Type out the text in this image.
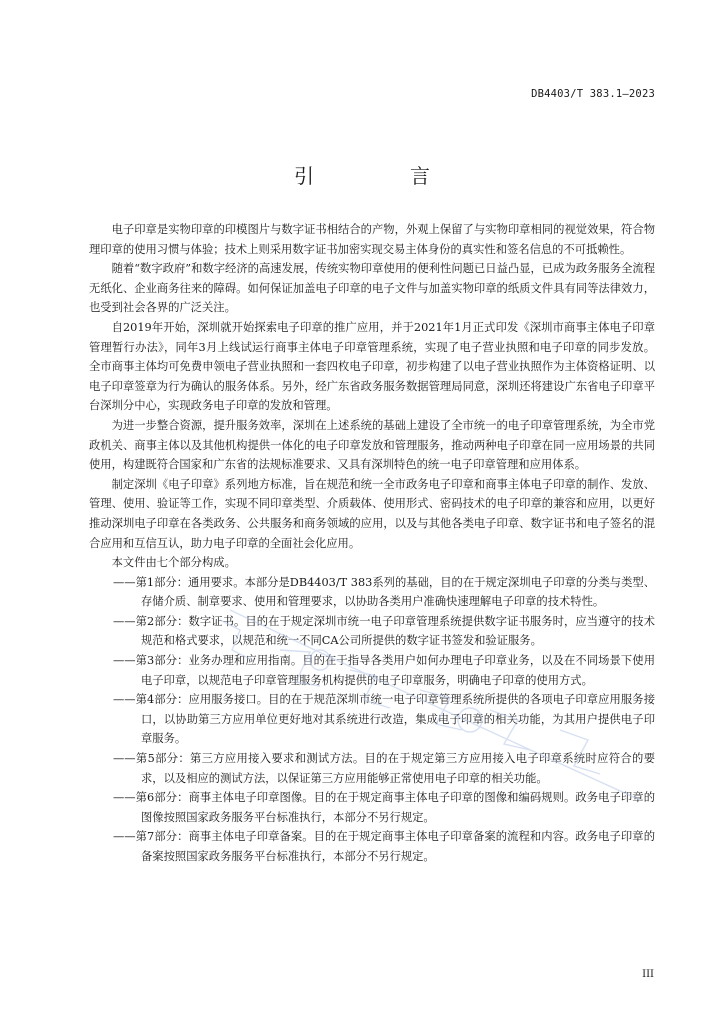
DB4403/T 383.1—2023
引　言

电子印章是实物印章的印模图片与数字证书相结合的产物，外观上保留了与实物印章相同的视觉效果，符合物理印章的使用习惯与体验；技术上则采用数字证书加密实现交易主体身份的真实性和签名信息的不可抵赖性。

随着“数字政府”和数字经济的高速发展，传统实物印章使用的便利性问题已日益凸显，已成为政务服务全流程无纸化、企业商务往来的障碍。如何保证加盖电子印章的电子文件与加盖实物印章的纸质文件具有同等法律效力，也受到社会各界的广泛关注。

自2019年开始，深圳就开始探索电子印章的推广应用，并于2021年1月正式印发《深圳市商事主体电子印章管理暂行办法》，同年3月上线试运行商事主体电子印章管理系统，实现了电子营业执照和电子印章的同步发放。全市商事主体均可免费申领电子营业执照和一套四枚电子印章，初步构建了以电子营业执照作为主体资格证明、以电子印章签章为行为确认的服务体系。另外，经广东省政务服务数据管理局同意，深圳还将建设广东省电子印章平台深圳分中心，实现政务电子印章的发放和管理。

为进一步整合资源，提升服务效率，深圳在上述系统的基础上建设了全市统一的电子印章管理系统，为全市党政机关、商事主体以及其他机构提供一体化的电子印章发放和管理服务，推动两种电子印章在同一应用场景的共同使用，构建既符合国家和广东省的法规标准要求、又具有深圳特色的统一电子印章管理和应用体系。

制定深圳《电子印章》系列地方标准，旨在规范和统一全市政务电子印章和商事主体电子印章的制作、发放、管理、使用、验证等工作，实现不同印章类型、介质载体、使用形式、密码技术的电子印章的兼容和应用，以更好推动深圳电子印章在各类政务、公共服务和商务领域的应用，以及与其他各类电子印章、数字证书和电子签名的混合应用和互信互认，助力电子印章的全面社会化应用。

本文件由七个部分构成。

——第1部分：通用要求。本部分是DB4403/T 383系列的基础，目的在于规定深圳电子印章的分类与类型、存储介质、制章要求、使用和管理要求，以协助各类用户准确快速理解电子印章的技术特性。

——第2部分：数字证书。目的在于规定深圳市统一电子印章管理系统提供数字证书服务时，应当遵守的技术规范和格式要求，以规范和统一不同CA公司所提供的数字证书签发和验证服务。

——第3部分：业务办理和应用指南。目的在于指导各类用户如何办理电子印章业务，以及在不同场景下使用电子印章，以规范电子印章管理服务机构提供的电子印章服务，明确电子印章的使用方式。

——第4部分：应用服务接口。目的在于规范深圳市统一电子印章管理系统所提供的各项电子印章应用服务接口，以协助第三方应用单位更好地对其系统进行改造，集成电子印章的相关功能，为其用户提供电子印章服务。

——第5部分：第三方应用接入要求和测试方法。目的在于规定第三方应用接入电子印章系统时应符合的要求，以及相应的测试方法，以保证第三方应用能够正常使用电子印章的相关功能。

——第6部分：商事主体电子印章图像。目的在于规定商事主体电子印章的图像和编码规则。政务电子印章的图像按照国家政务服务平台标准执行，本部分不另行规定。

——第7部分：商事主体电子印章备案。目的在于规定商事主体电子印章备案的流程和内容。政务电子印章的备案按照国家政务服务平台标准执行，本部分不另行规定。

III
